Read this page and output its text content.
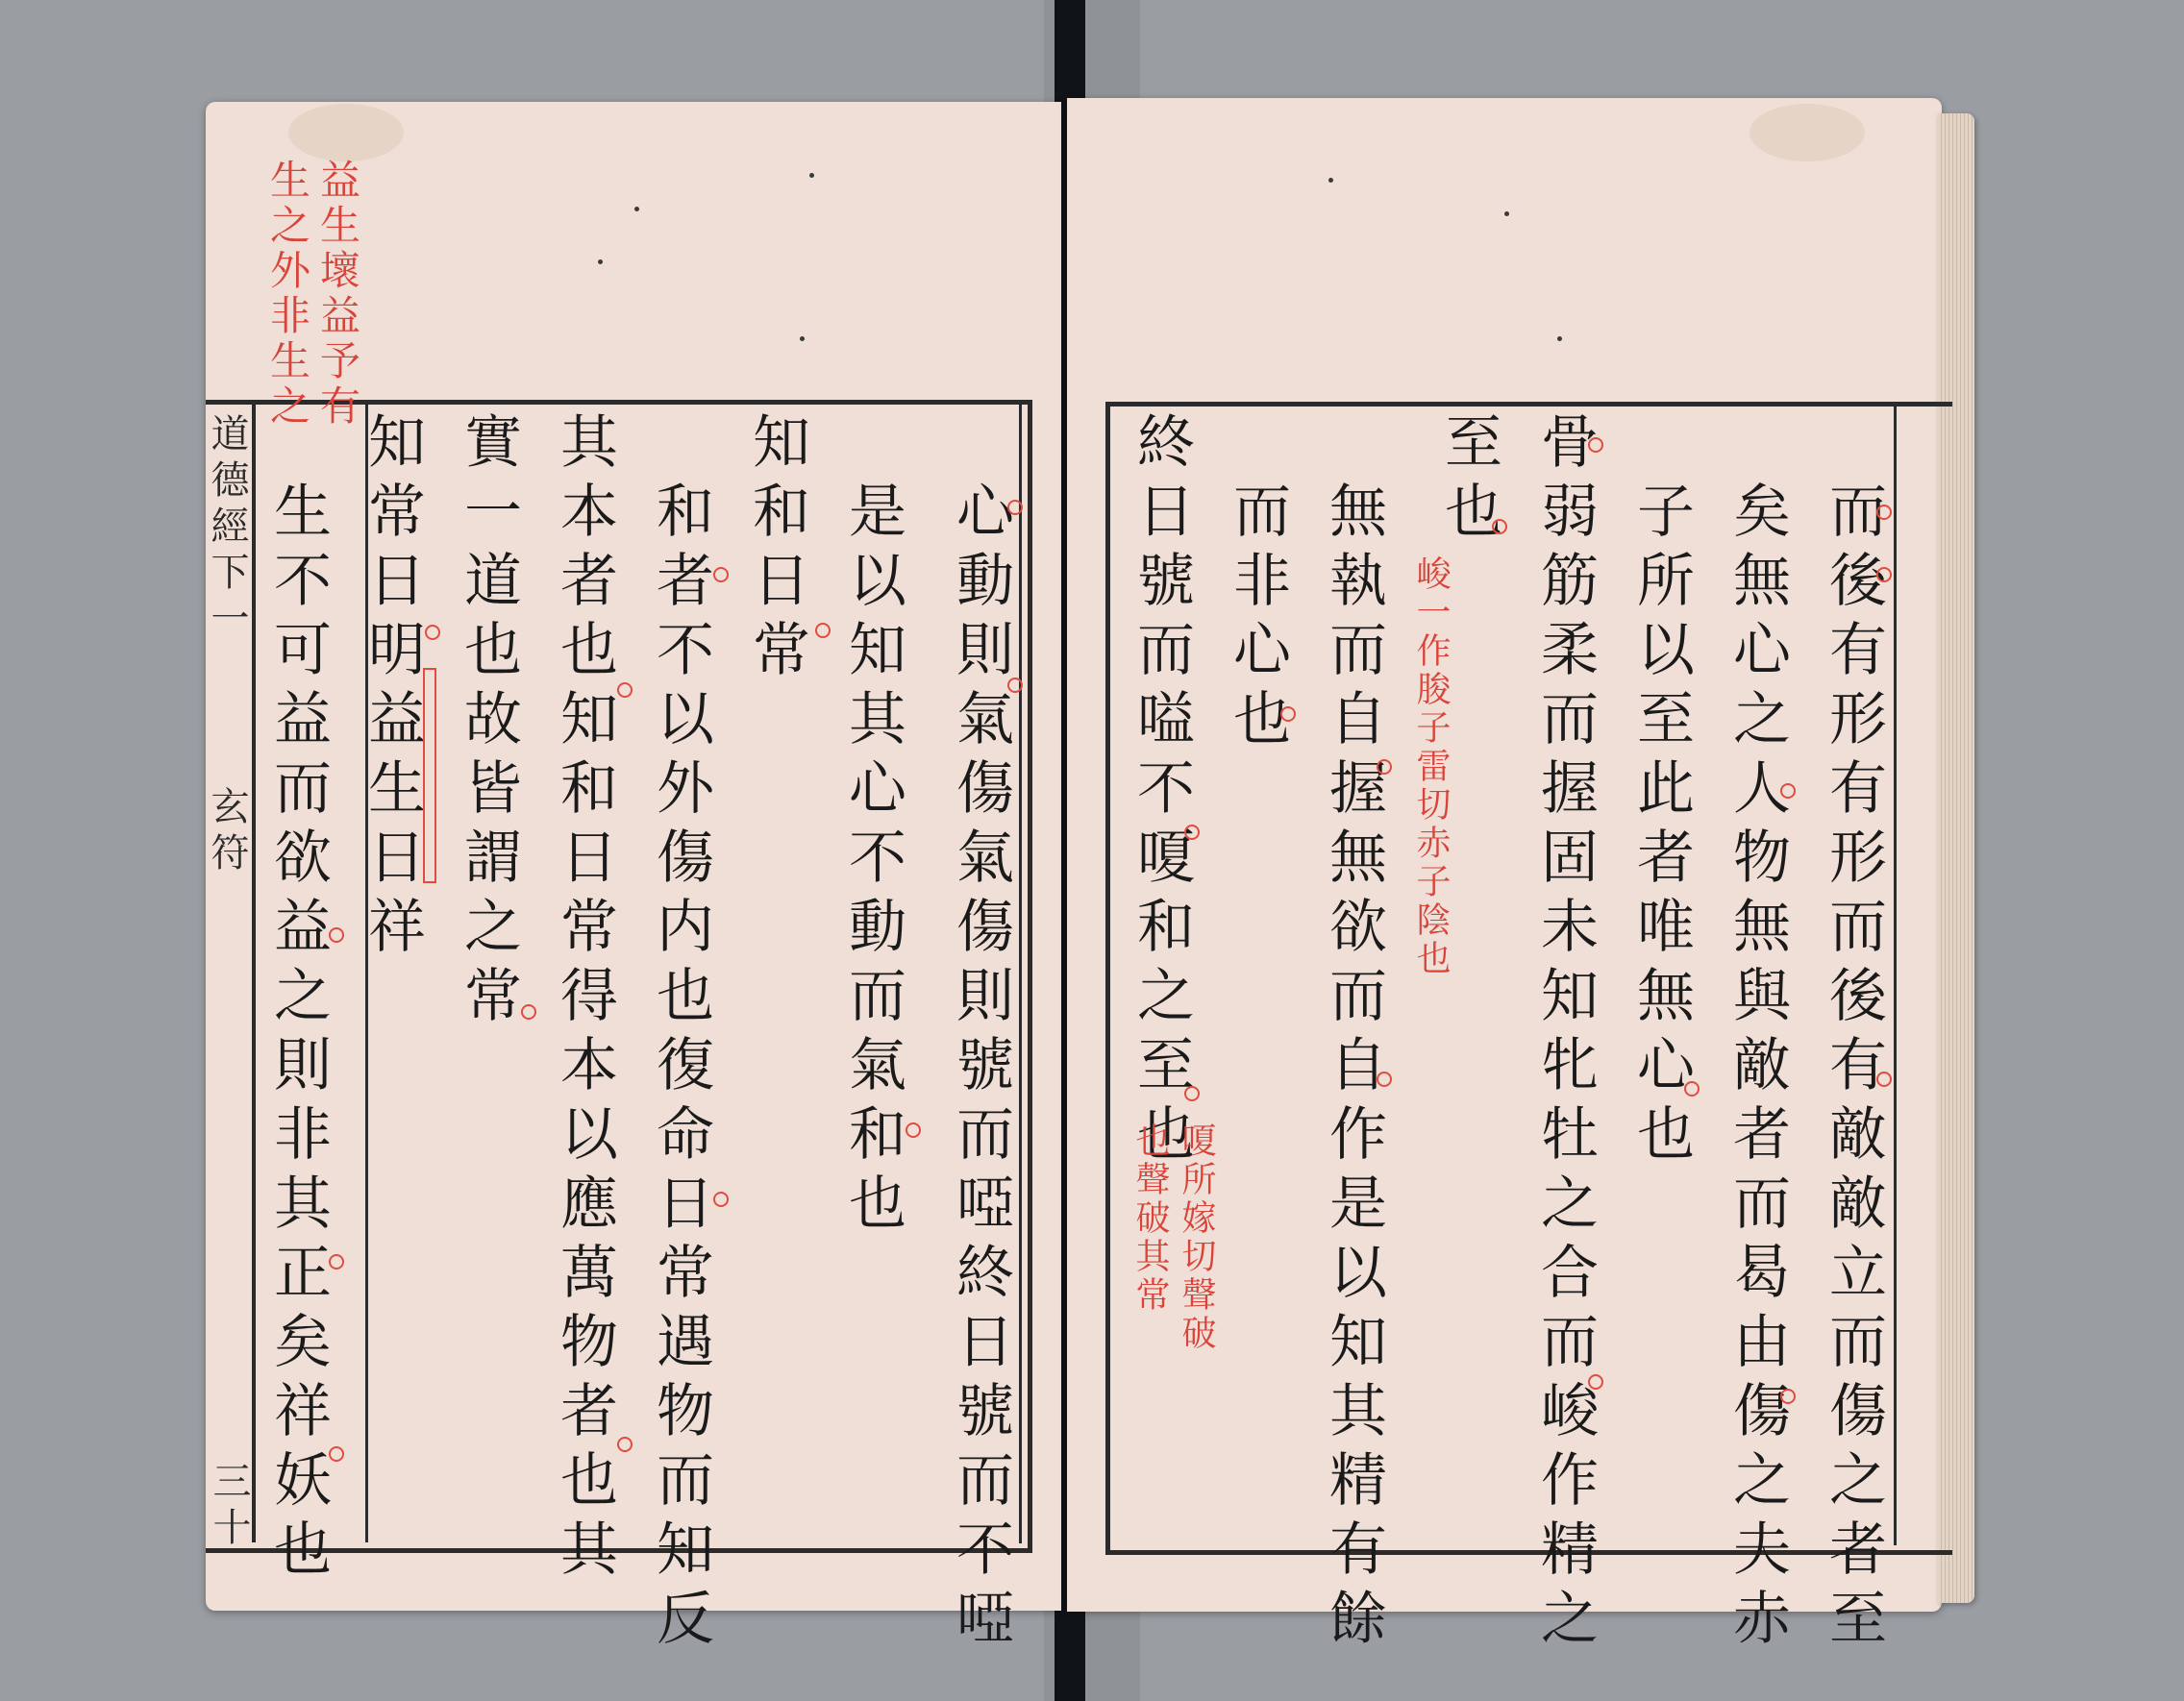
益生壞益予有
生之外非生之
道德經下一
玄符
三十	心動則氣傷氣傷則號而啞終日號而不啞
是以知其心不動而氣和也
知和日常
和者不以外傷内也復命日常遇物而知反
其本者也知和日常得本以應萬物者也其
實一道也故皆謂之常
知常日明益生日祥
生不可益而欲益之則非其正矣祥妖也	而後有形有形而後有敵敵立而傷之者至
矣無心之人物無與敵者而曷由傷之夫赤
子所以至此者唯無心也
骨弱筋柔而握固未知牝牡之合而峻作精之
至也
無執而自握無欲而自作是以知其精有餘
而非心也
終日號而嗌不嗄和之至也	峻一作朘子雷切赤子陰也
嗄所嫁切聲破
也聲破其常
